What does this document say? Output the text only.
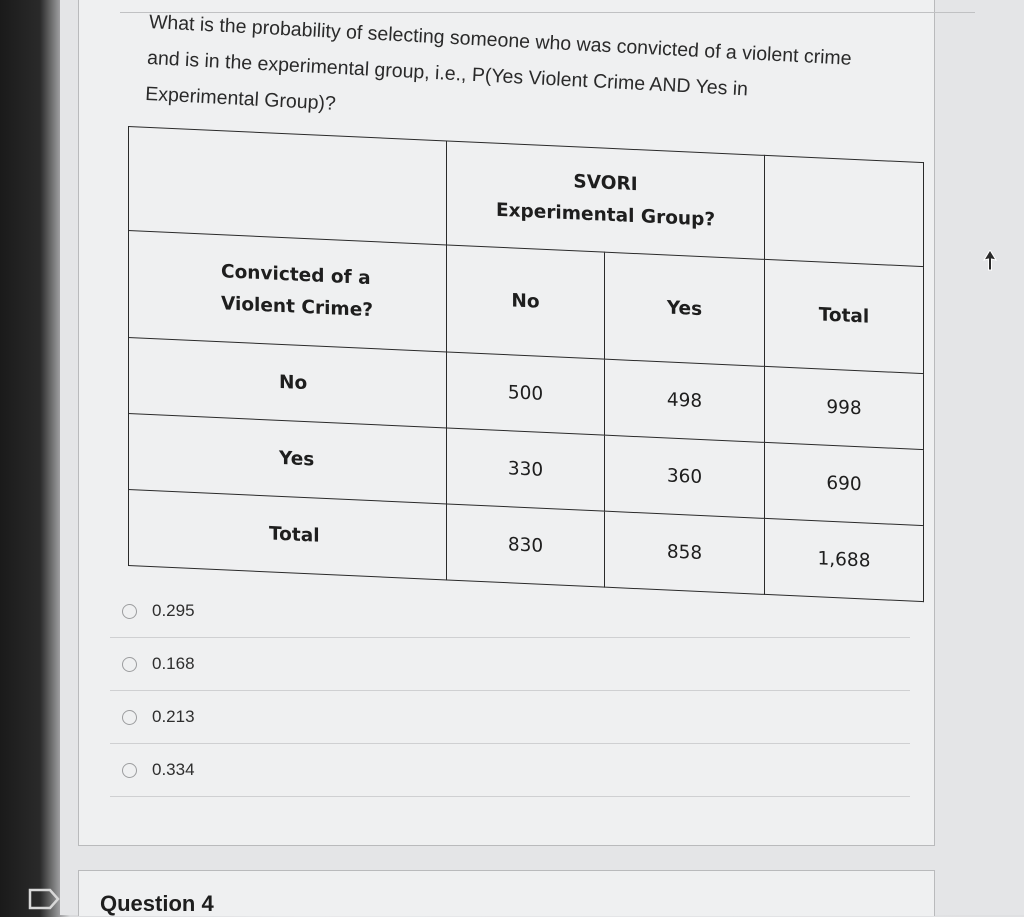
What is the probability of selecting someone who was convicted of a violent crime
and is in the experimental group, i.e., P(Yes Violent Crime AND Yes in
Experimental Group)?

	SVORI
Experimental Group?		

Convicted of a
Violent Crime?	No	Yes	Total
No	500	498	998
Yes	330	360	690
Total	830	858	1,688
0.295
0.168
0.213
0.334
Question 4
